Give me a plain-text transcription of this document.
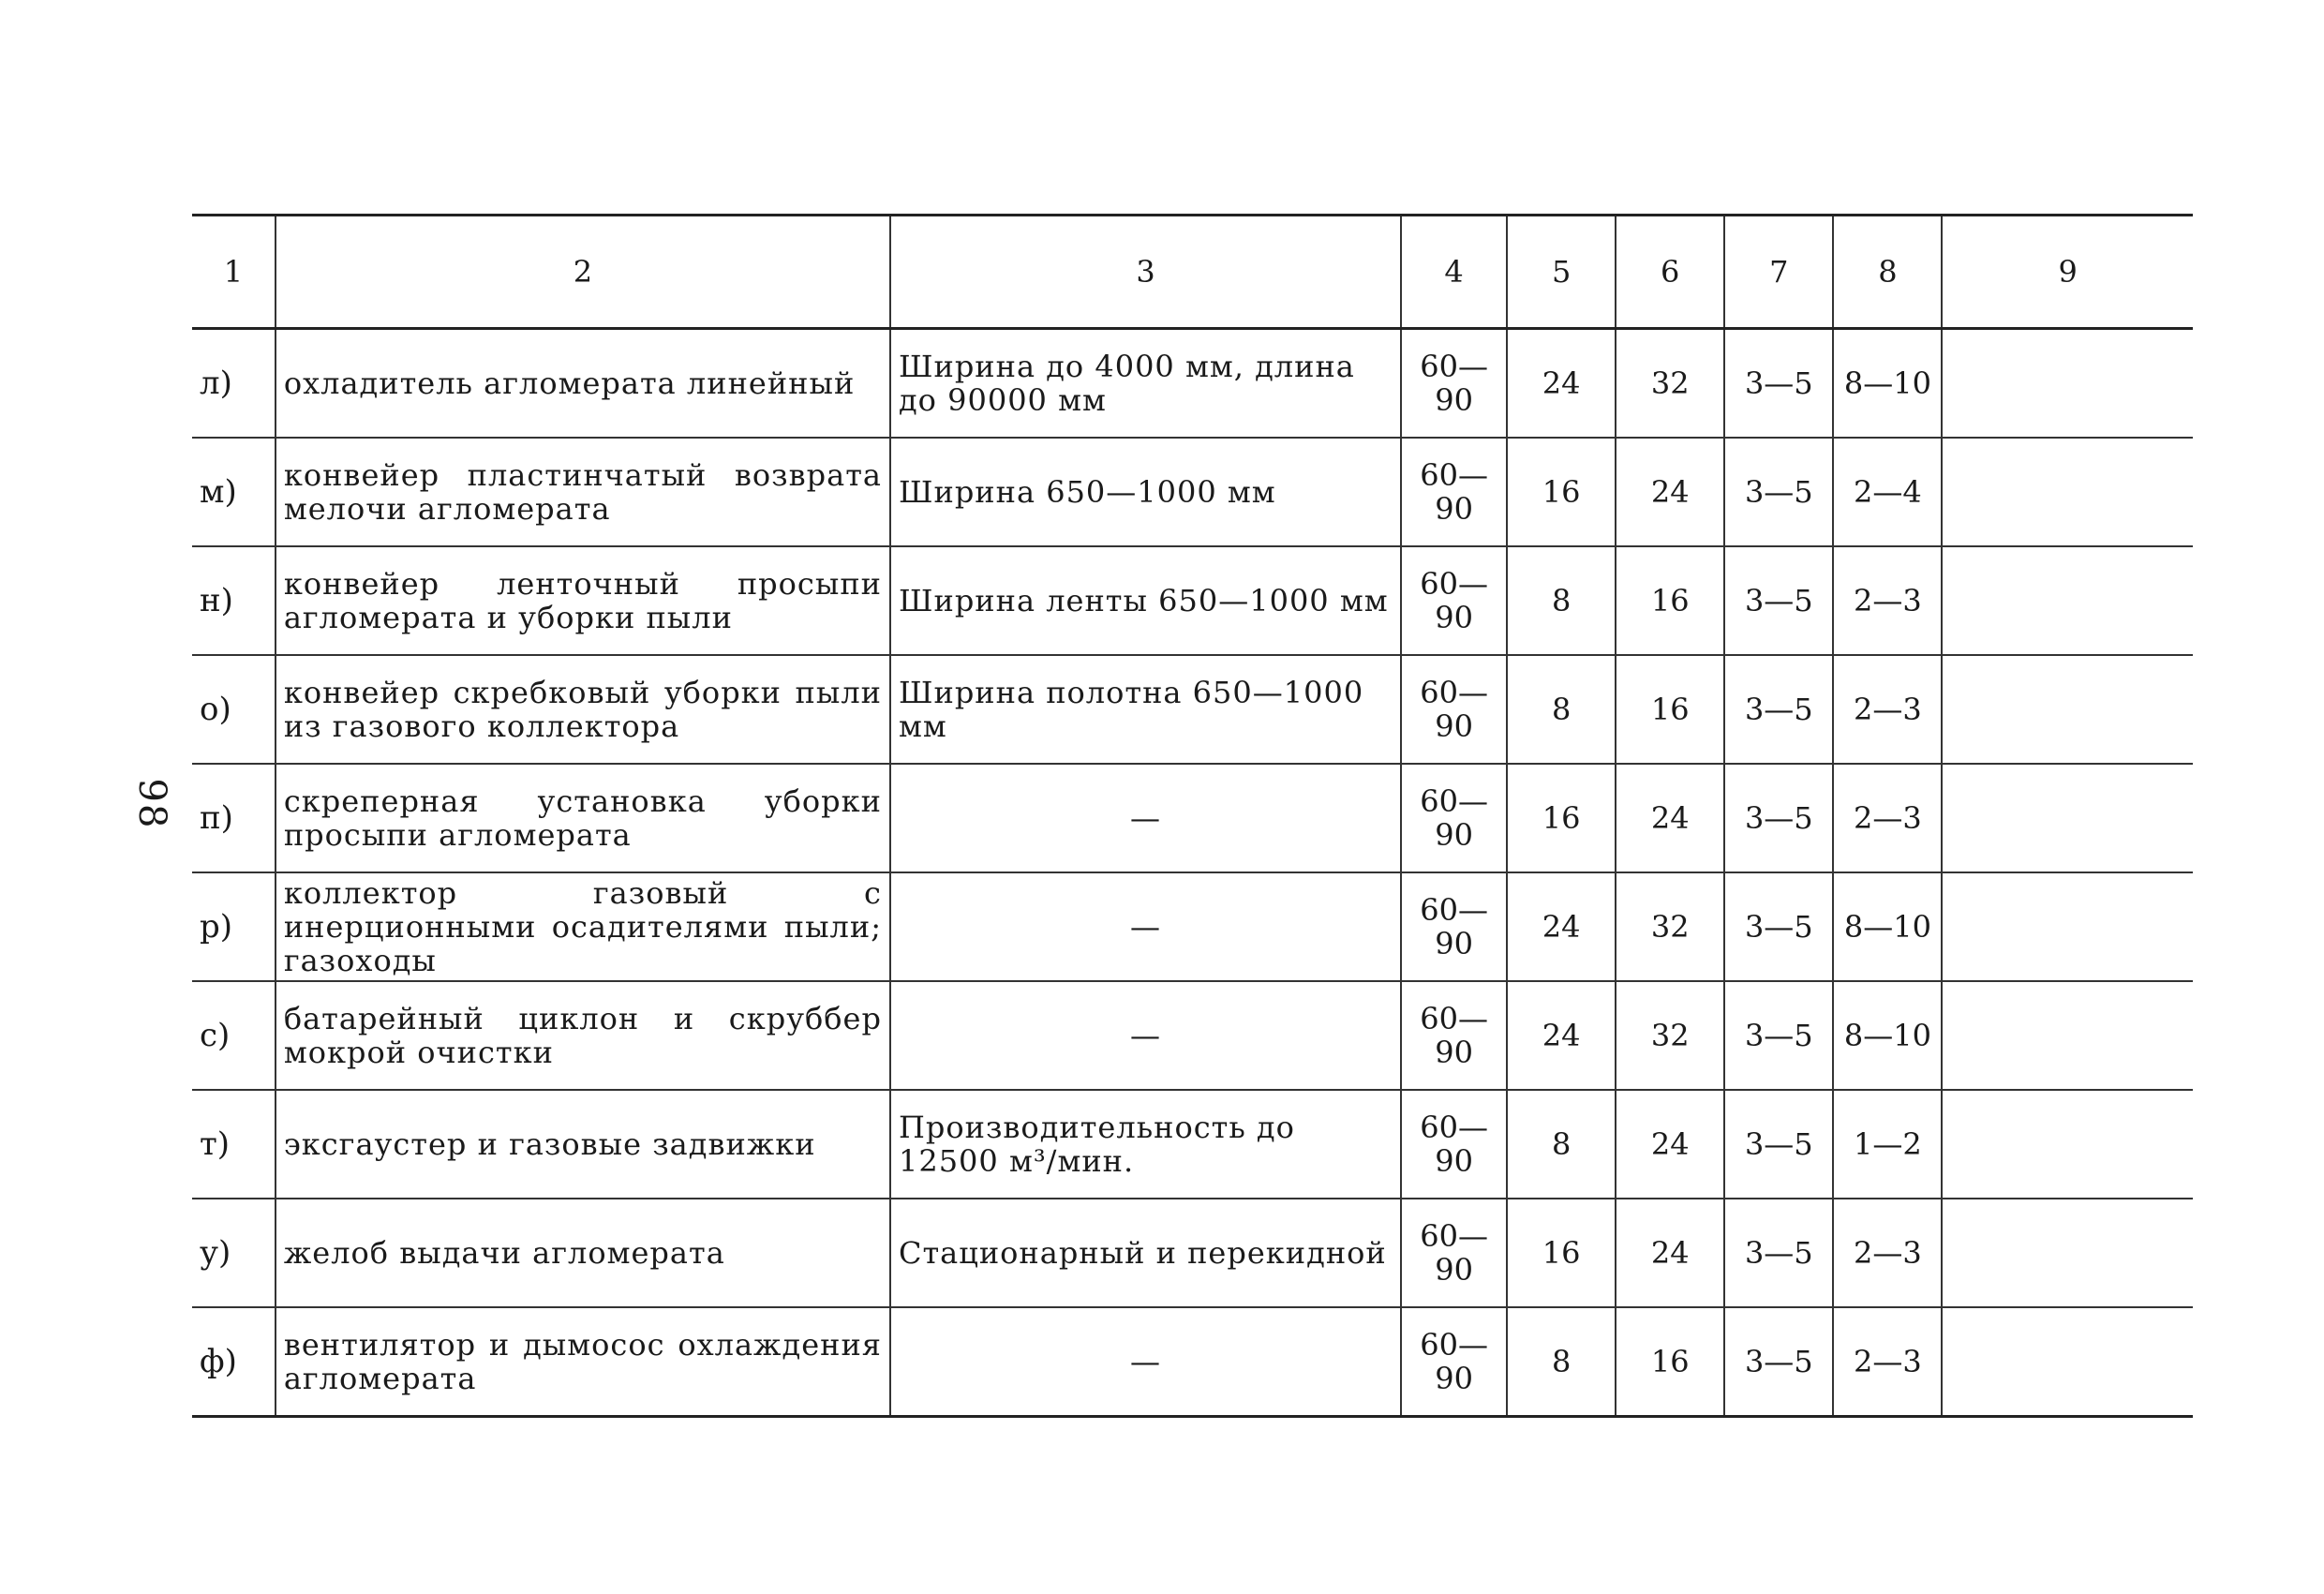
98
1	2	3	4	5	6	7	8	9
л)	охладитель агломерата линейный	Ширина до 4000 мм, длина до 90000 мм	60—90	24	32	3—5	8—10	
м)	конвейер пластинчатый возврата мелочи агломерата	Ширина 650—1000 мм	60—90	16	24	3—5	2—4	
н)	конвейер ленточный просыпи агломерата и уборки пыли	Ширина ленты 650—1000 мм	60—90	8	16	3—5	2—3	
о)	конвейер скребковый уборки пыли из газового коллектора	Ширина полотна 650—1000 мм	60—90	8	16	3—5	2—3	
п)	скреперная установка уборки просыпи агломерата	—	60—90	16	24	3—5	2—3	
р)	коллектор газовый с инерционными осадителями пыли; газоходы	—	60—90	24	32	3—5	8—10	
с)	батарейный циклон и скруббер мокрой очистки	—	60—90	24	32	3—5	8—10	
т)	эксгаустер и газовые задвижки	Производительность до 12500 м³/мин.	60—90	8	24	3—5	1—2	
у)	желоб выдачи агломерата	Стационарный и перекидной	60—90	16	24	3—5	2—3	
ф)	вентилятор и дымосос охлаждения агломерата	—	60—90	8	16	3—5	2—3	
